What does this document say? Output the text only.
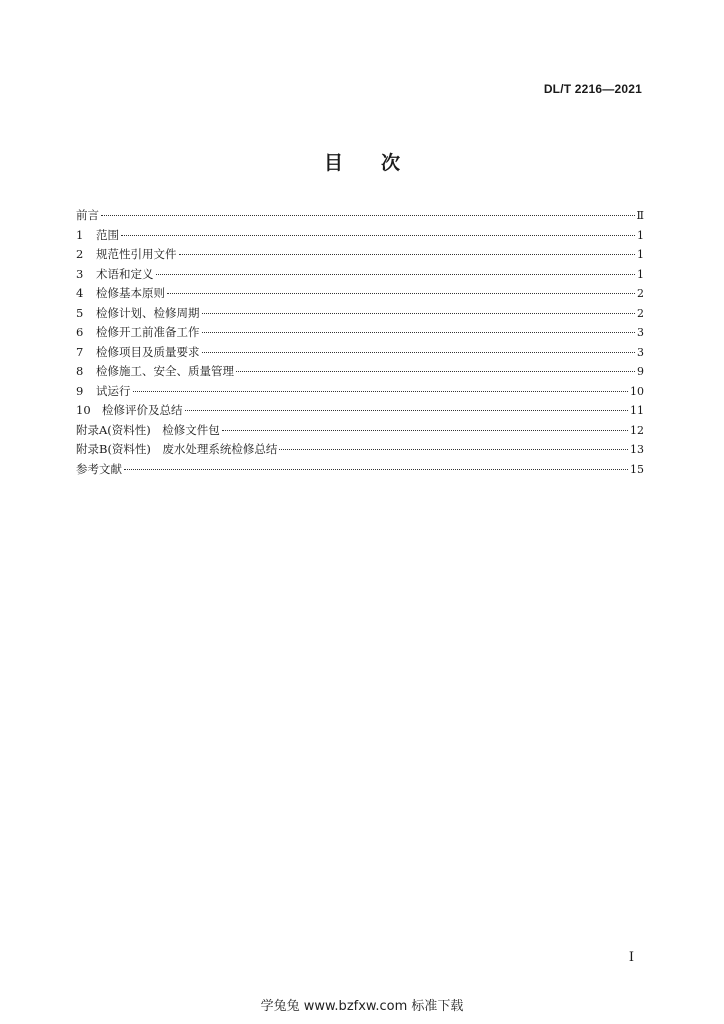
DL/T 2216—2021
目　　次
前言	Ⅱ
1 范围	1
2 规范性引用文件	1
3 术语和定义	1
4 检修基本原则	2
5 检修计划、检修周期	2
6 检修开工前准备工作	3
7 检修项目及质量要求	3
8 检修施工、安全、质量管理	9
9 试运行	10
10 检修评价及总结	11
附录A(资料性)　检修文件包	12
附录B(资料性)　废水处理系统检修总结	13
参考文献	15
I
学兔兔 www.bzfxw.com 标准下载
